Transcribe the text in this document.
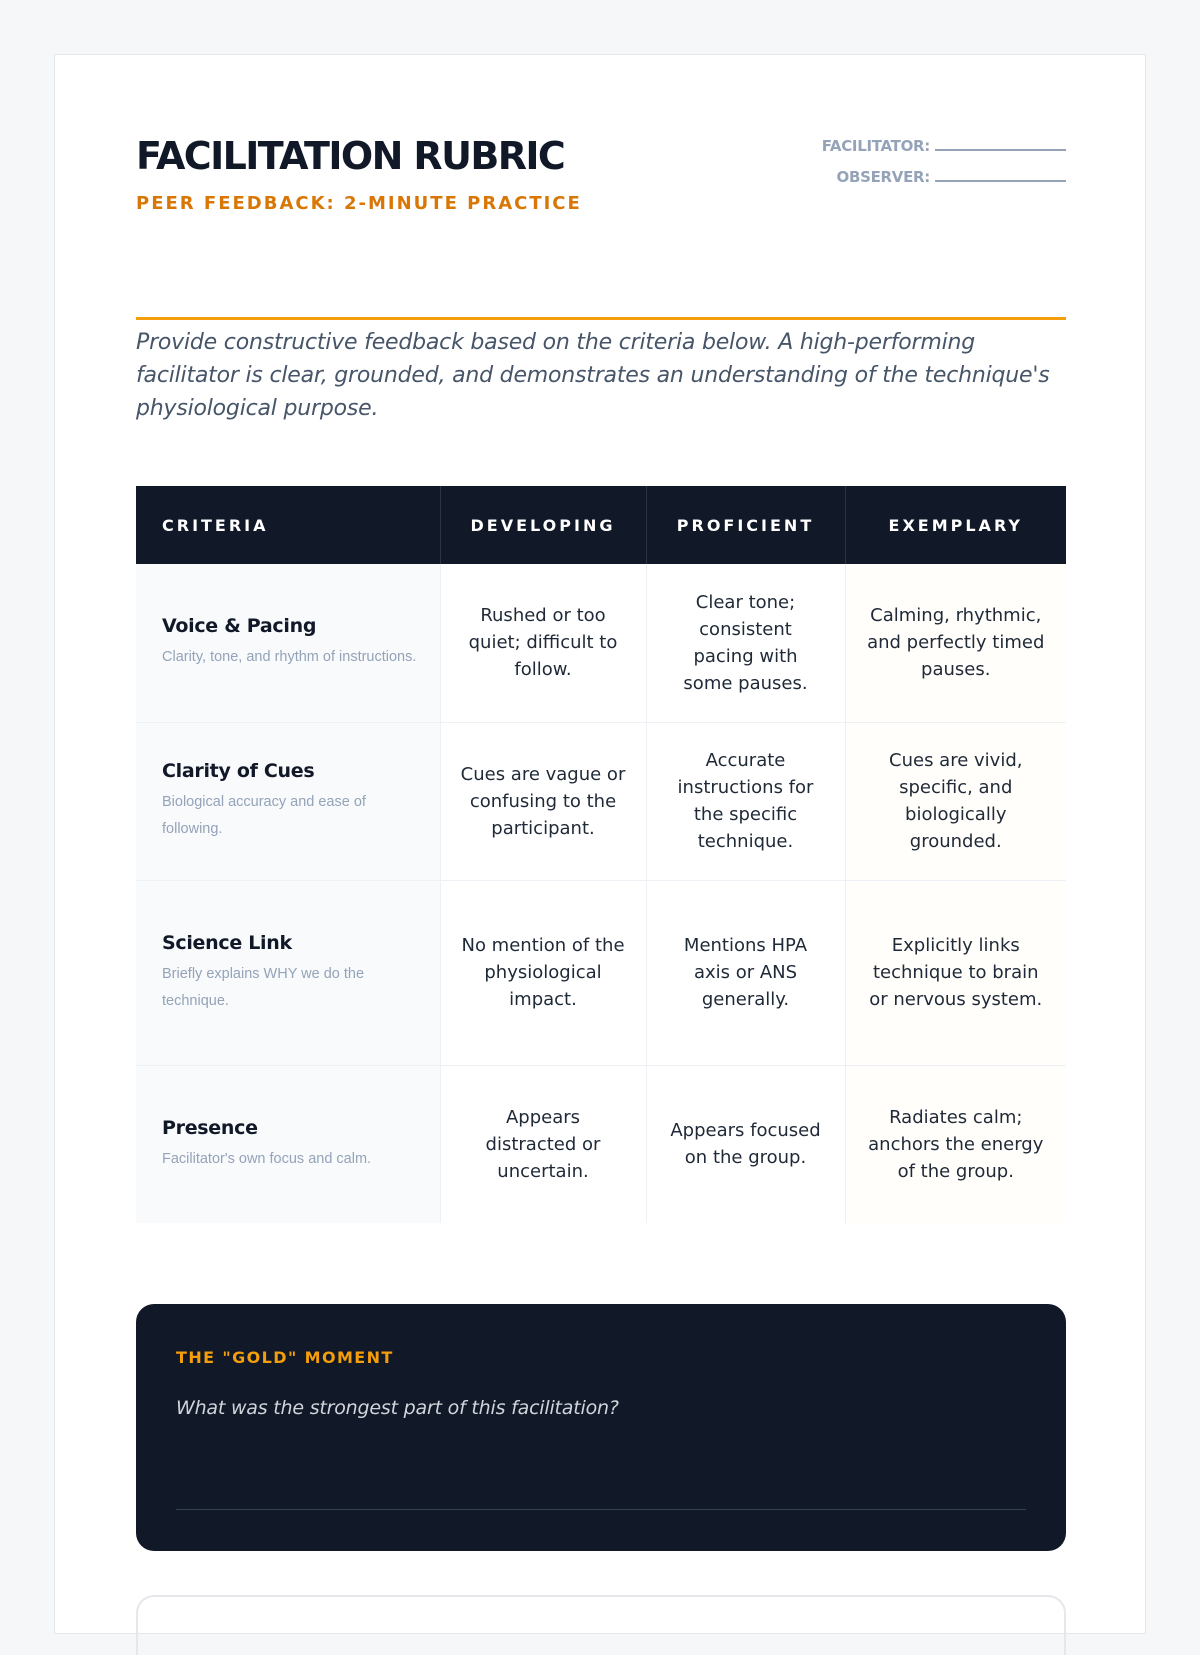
FACILITATION RUBRIC
PEER FEEDBACK: 2-MINUTE PRACTICE
FACILITATOR:
OBSERVER:

Provide constructive feedback based on the criteria below. A high-performing facilitator is clear, grounded, and demonstrates an understanding of the technique's physiological purpose.

CRITERIA	DEVELOPING	PROFICIENT	EXEMPLARY

Voice & Pacing
Clarity, tone, and rhythm of instructions.	Rushed or too quiet; difficult to follow.	Clear tone; consistent pacing with some pauses.	Calming, rhythmic, and perfectly timed pauses.

Clarity of Cues
Biological accuracy and ease of following.	Cues are vague or confusing to the participant.	Accurate instructions for the specific technique.	Cues are vivid, specific, and biologically grounded.

Science Link
Briefly explains WHY we do the technique.	No mention of the physiological impact.	Mentions HPA axis or ANS generally.	Explicitly links technique to brain or nervous system.

Presence
Facilitator's own focus and calm.	Appears distracted or uncertain.	Appears focused on the group.	Radiates calm; anchors the energy of the group.
THE "GOLD" MOMENT
What was the strongest part of this facilitation?
